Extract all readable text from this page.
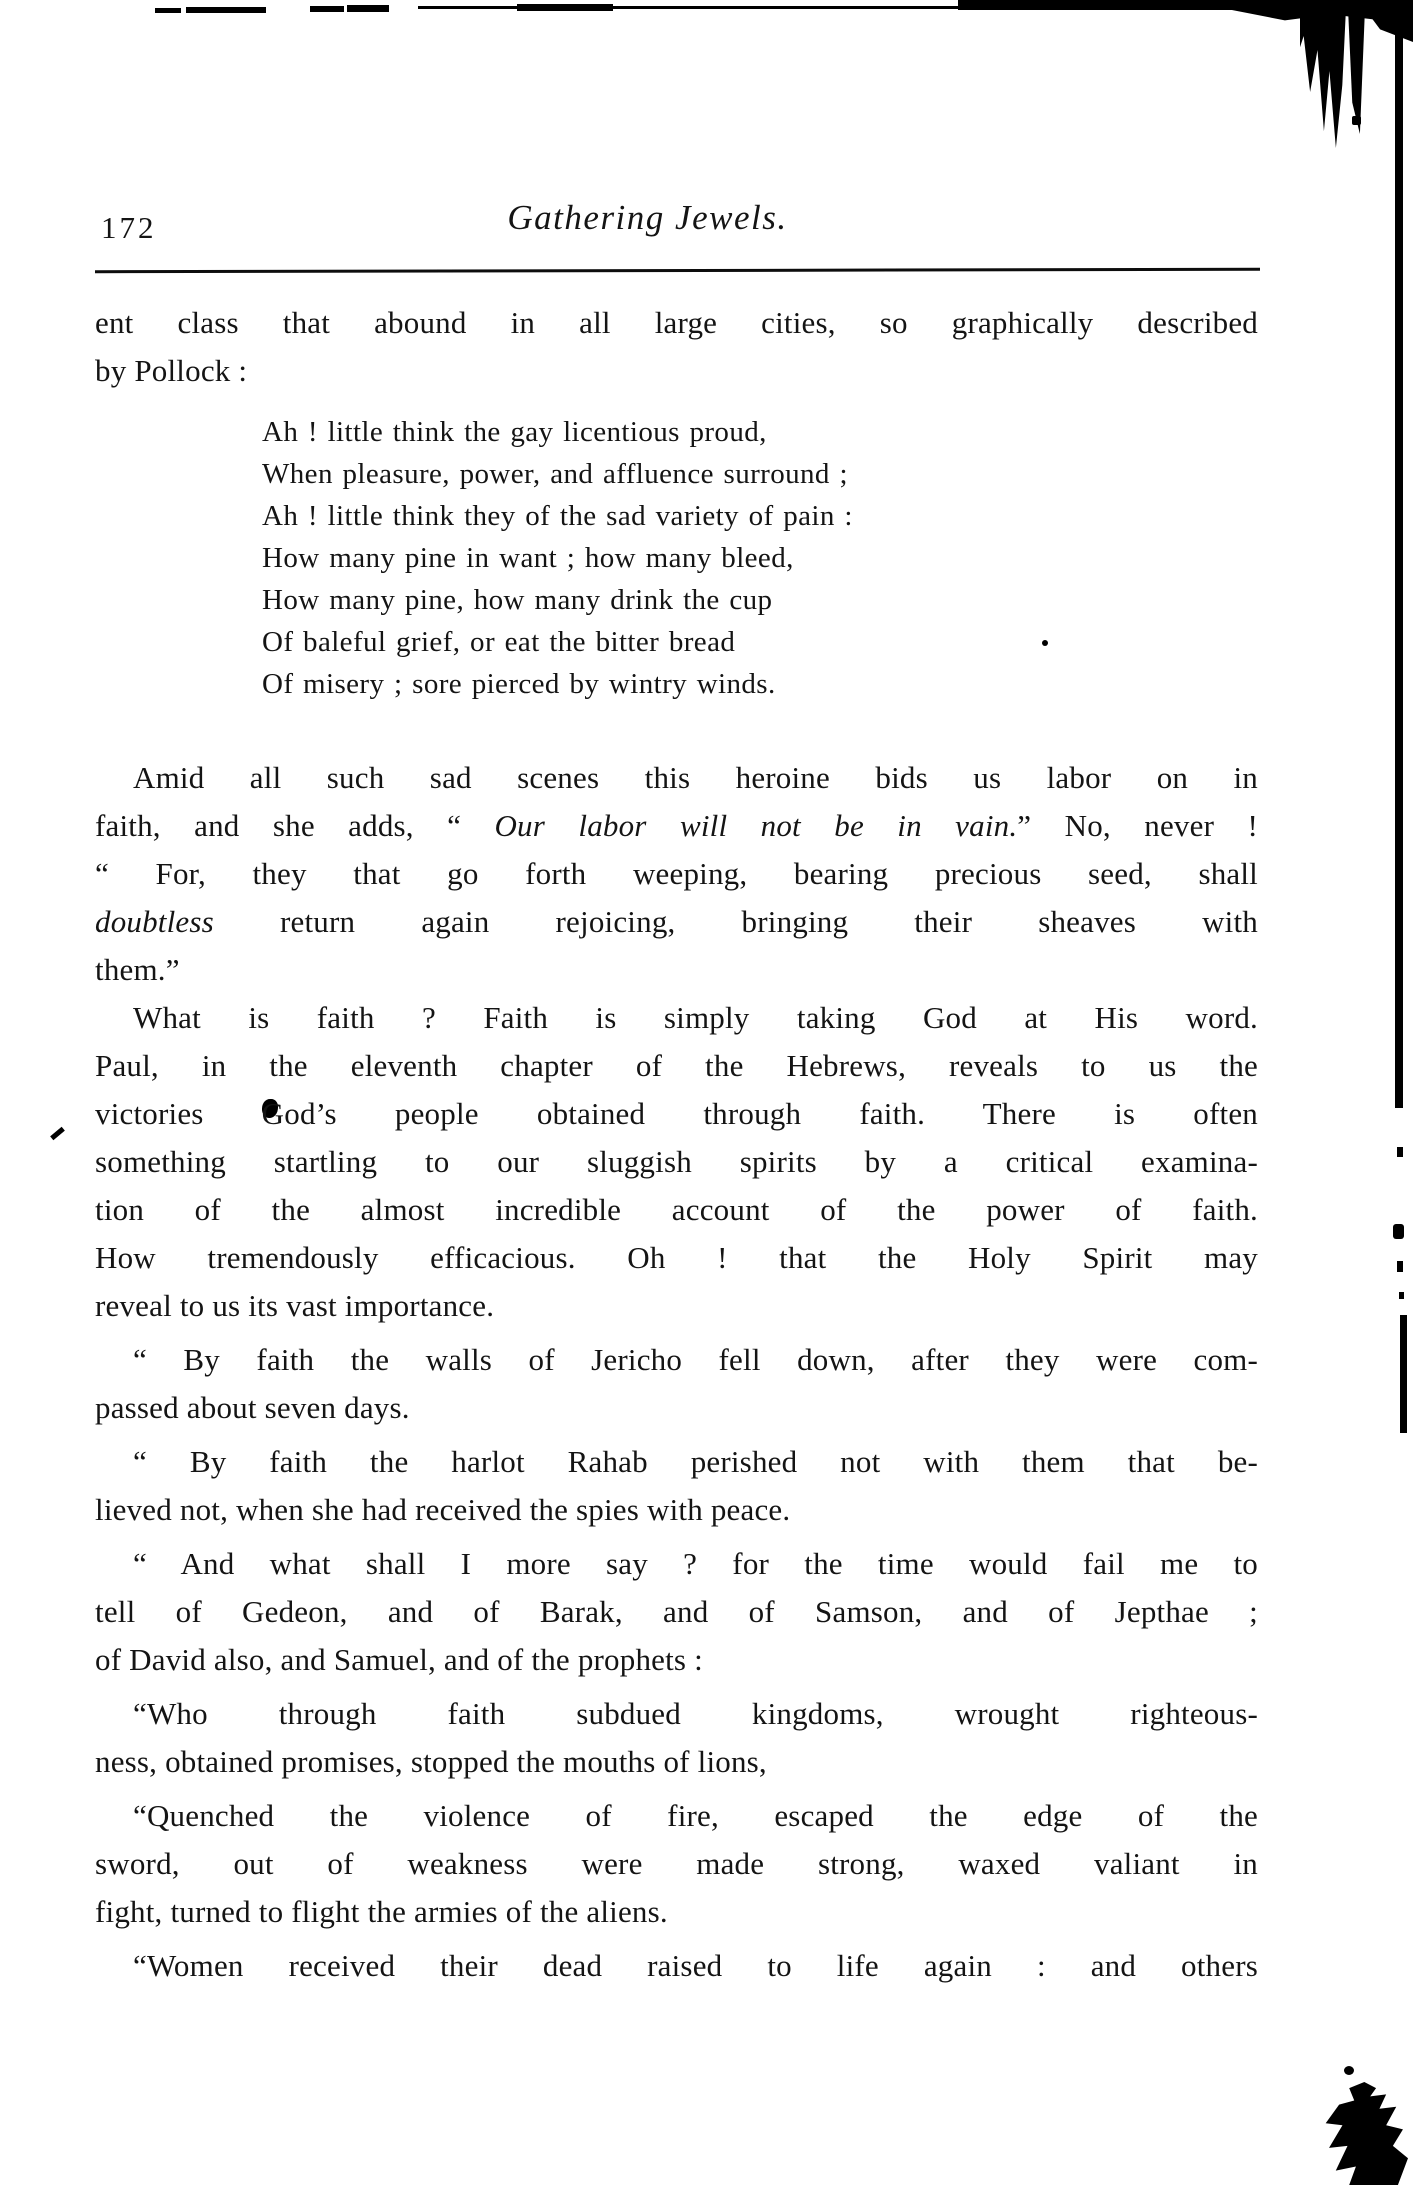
172	Gathering Jewels.
ent class that abound in all large cities, so graphically described
by Pollock :
Ah ! little think the gay licentious proud,
When pleasure, power, and affluence surround ;
Ah ! little think they of the sad variety of pain :
How many pine in want ; how many bleed,
How many pine, how many drink the cup
Of baleful grief, or eat the bitter bread
Of misery ; sore pierced by wintry winds.
Amid all such sad scenes this heroine bids us labor on in
faith, and she adds, “ Our labor will not be in vain.” No, never !
“ For, they that go forth weeping, bearing precious seed, shall
doubtless return again rejoicing, bringing their sheaves with
them.”
What is faith ? Faith is simply taking God at His word.
Paul, in the eleventh chapter of the Hebrews, reveals to us the
victories God’s people obtained through faith. There is often
something startling to our sluggish spirits by a critical examina-
tion of the almost incredible account of the power of faith.
How tremendously efficacious. Oh ! that the Holy Spirit may
reveal to us its vast importance.
“ By faith the walls of Jericho fell down, after they were com-
passed about seven days.
“ By faith the harlot Rahab perished not with them that be-
lieved not, when she had received the spies with peace.
“ And what shall I more say ? for the time would fail me to
tell of Gedeon, and of Barak, and of Samson, and of Jepthae ;
of David also, and Samuel, and of the prophets :
“Who through faith subdued kingdoms, wrought righteous-
ness, obtained promises, stopped the mouths of lions,
“Quenched the violence of fire, escaped the edge of the
sword, out of weakness were made strong, waxed valiant in
fight, turned to flight the armies of the aliens.
“Women received their dead raised to life again : and others
